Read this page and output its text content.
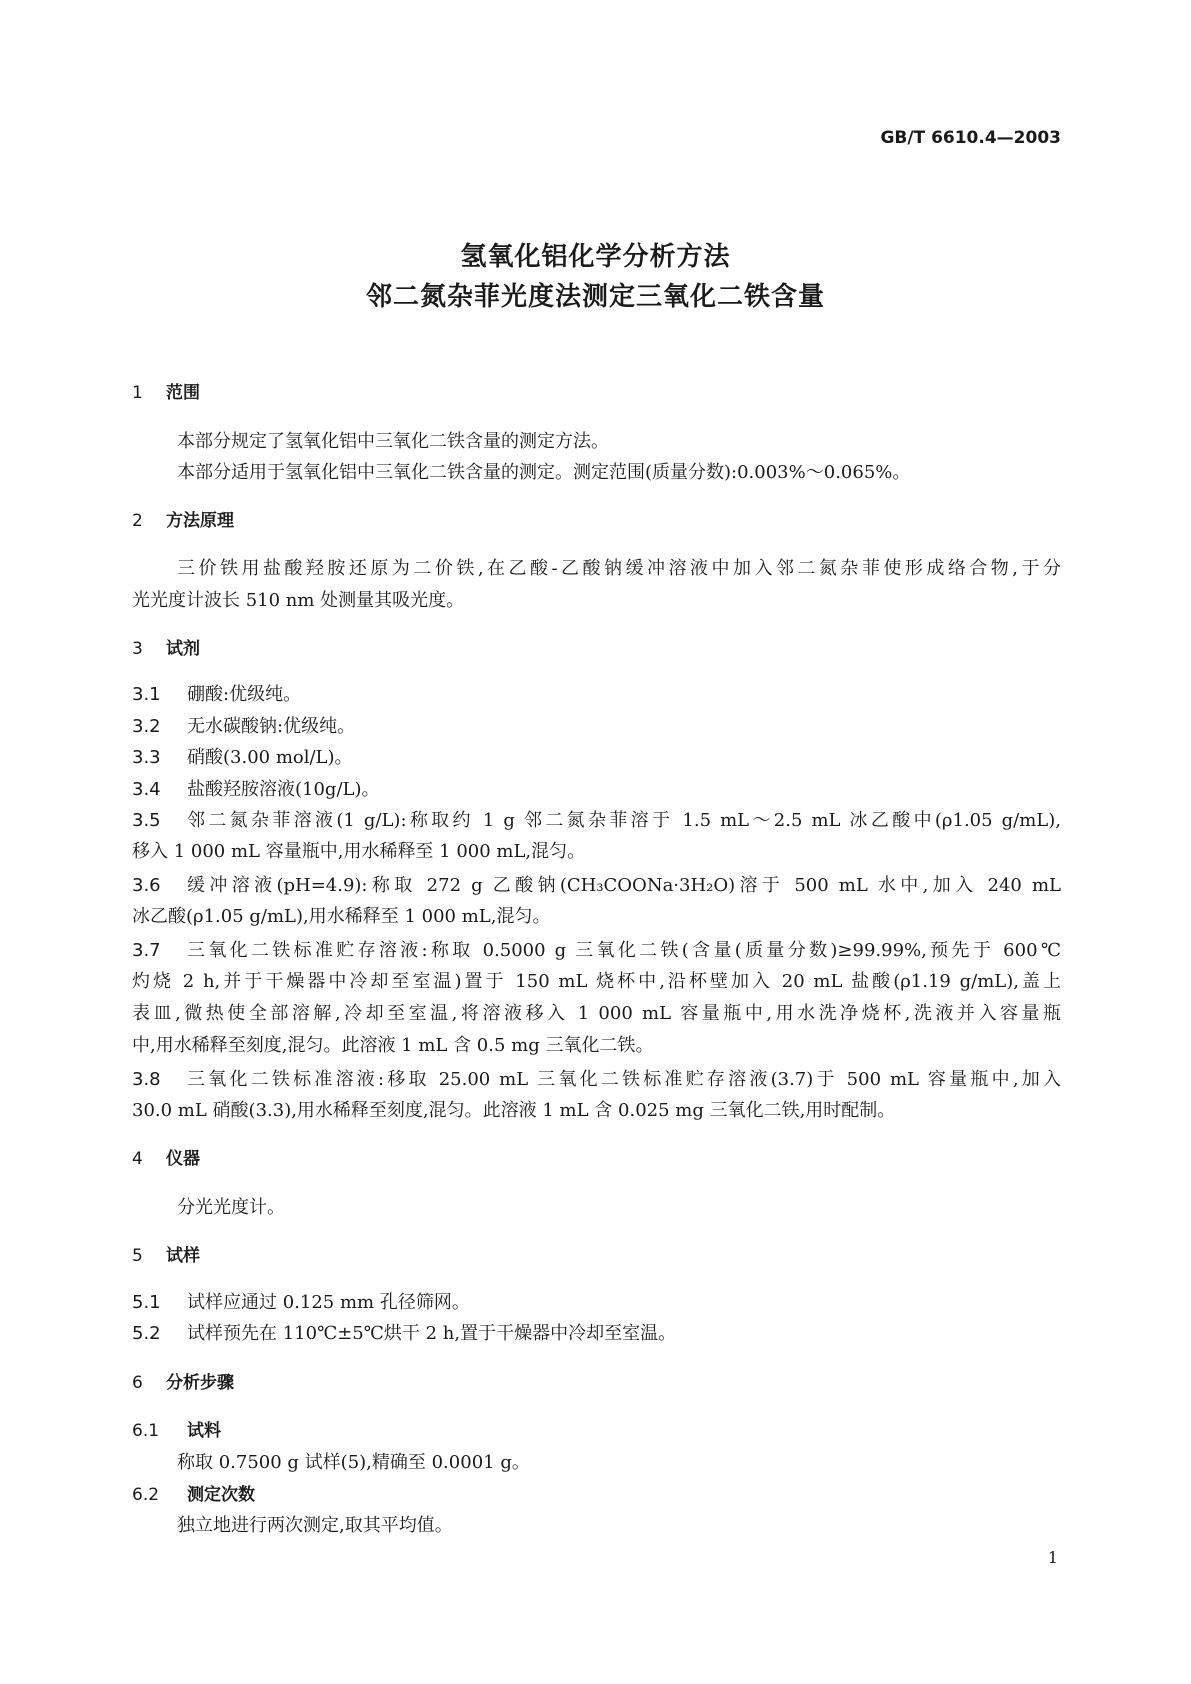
GB/T 6610.4—2003
氢氧化铝化学分析方法
邻二氮杂菲光度法测定三氧化二铁含量
1 范围
本部分规定了氢氧化铝中三氧化二铁含量的测定方法。
本部分适用于氢氧化铝中三氧化二铁含量的测定。测定范围(质量分数):0.003%～0.065%。
2 方法原理
三价铁用盐酸羟胺还原为二价铁,在乙酸-乙酸钠缓冲溶液中加入邻二氮杂菲使形成络合物,于分
光光度计波长 510 nm 处测量其吸光度。
3 试剂
3.1 硼酸:优级纯。
3.2 无水碳酸钠:优级纯。
3.3 硝酸(3.00 mol/L)。
3.4 盐酸羟胺溶液(10g/L)。
3.5	邻二氮杂菲溶液(1 g/L):称取约 1 g 邻二氮杂菲溶于 1.5 mL～2.5 mL 冰乙酸中(ρ1.05 g/mL),
移入 1 000 mL 容量瓶中,用水稀释至 1 000 mL,混匀。
3.6	缓冲溶液(pH=4.9):称取 272 g 乙酸钠(CH₃COONa·3H₂O)溶于 500 mL 水中,加入 240 mL
冰乙酸(ρ1.05 g/mL),用水稀释至 1 000 mL,混匀。
3.7	三氧化二铁标准贮存溶液:称取 0.5000 g 三氧化二铁(含量(质量分数)≥99.99%,预先于 600℃
灼烧 2 h,并于干燥器中冷却至室温)置于 150 mL 烧杯中,沿杯壁加入 20 mL 盐酸(ρ1.19 g/mL),盖上
表皿,微热使全部溶解,冷却至室温,将溶液移入 1 000 mL 容量瓶中,用水洗净烧杯,洗液并入容量瓶
中,用水稀释至刻度,混匀。此溶液 1 mL 含 0.5 mg 三氧化二铁。
3.8	三氧化二铁标准溶液:移取 25.00 mL 三氧化二铁标准贮存溶液(3.7)于 500 mL 容量瓶中,加入
30.0 mL 硝酸(3.3),用水稀释至刻度,混匀。此溶液 1 mL 含 0.025 mg 三氧化二铁,用时配制。
4 仪器
分光光度计。
5 试样
5.1 试样应通过 0.125 mm 孔径筛网。
5.2 试样预先在 110℃±5℃烘干 2 h,置于干燥器中冷却至室温。
6 分析步骤
6.1 试料
称取 0.7500 g 试样(5),精确至 0.0001 g。
6.2 测定次数
独立地进行两次测定,取其平均值。
1
